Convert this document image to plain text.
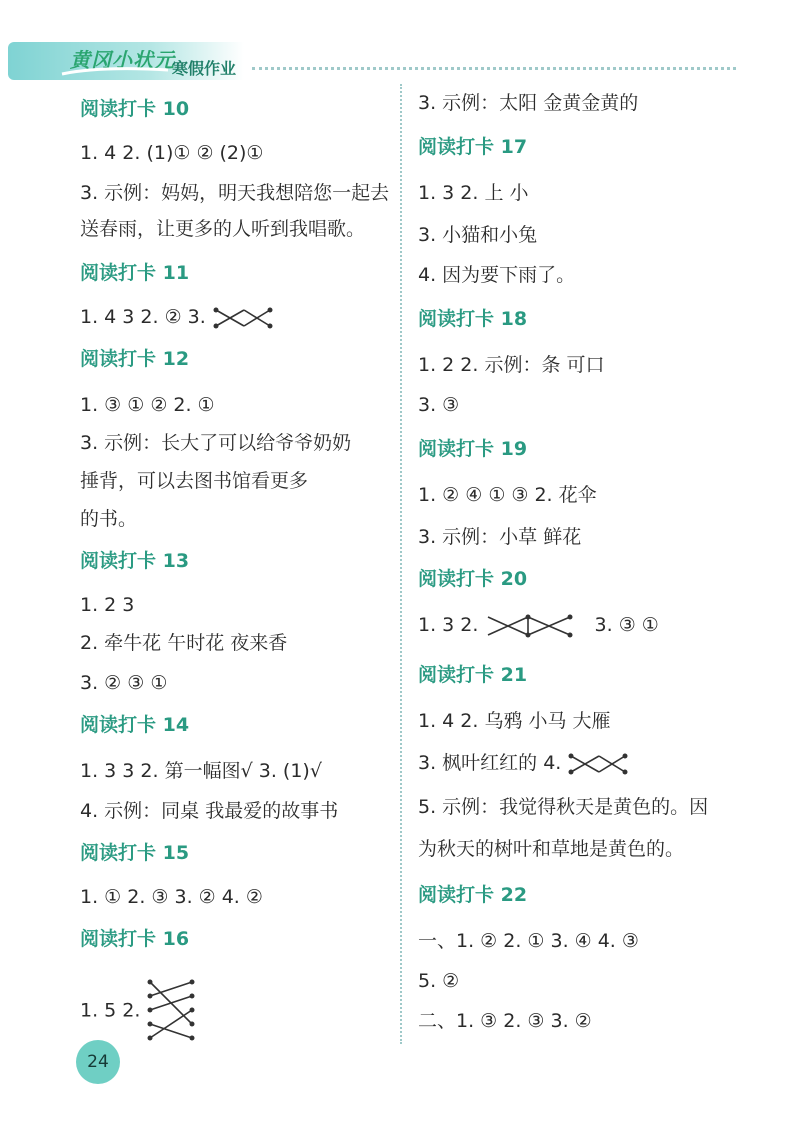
黄冈小状元
寒假作业
阅读打卡 10
1. 4 2. (1)① ② (2)①
3. 示例：妈妈，明天我想陪您一起去
送春雨，让更多的人听到我唱歌。
阅读打卡 11
1. 4 3 2. ② 3.
阅读打卡 12
1. ③ ① ② 2. ①
3. 示例：长大了可以给爷爷奶奶
捶背，可以去图书馆看更多
的书。
阅读打卡 13
1. 2 3
2. 牵牛花 午时花 夜来香
3. ② ③ ①
阅读打卡 14
1. 3 3 2. 第一幅图√ 3. (1)√
4. 示例：同桌 我最爱的故事书
阅读打卡 15
1. ① 2. ③ 3. ② 4. ②
阅读打卡 16
1. 5 2.
3. 示例：太阳 金黄金黄的
阅读打卡 17
1. 3 2. 上 小
3. 小猫和小兔
4. 因为要下雨了。
阅读打卡 18
1. 2 2. 示例：条 可口
3. ③
阅读打卡 19
1. ② ④ ① ③ 2. 花伞
3. 示例：小草 鲜花
阅读打卡 20
1. 3 2.	3. ③ ①
阅读打卡 21
1. 4 2. 乌鸦 小马 大雁
3. 枫叶红红的 4.
5. 示例：我觉得秋天是黄色的。因
为秋天的树叶和草地是黄色的。
阅读打卡 22
一、1. ② 2. ① 3. ④ 4. ③
5. ②
二、1. ③ 2. ③ 3. ②
24
